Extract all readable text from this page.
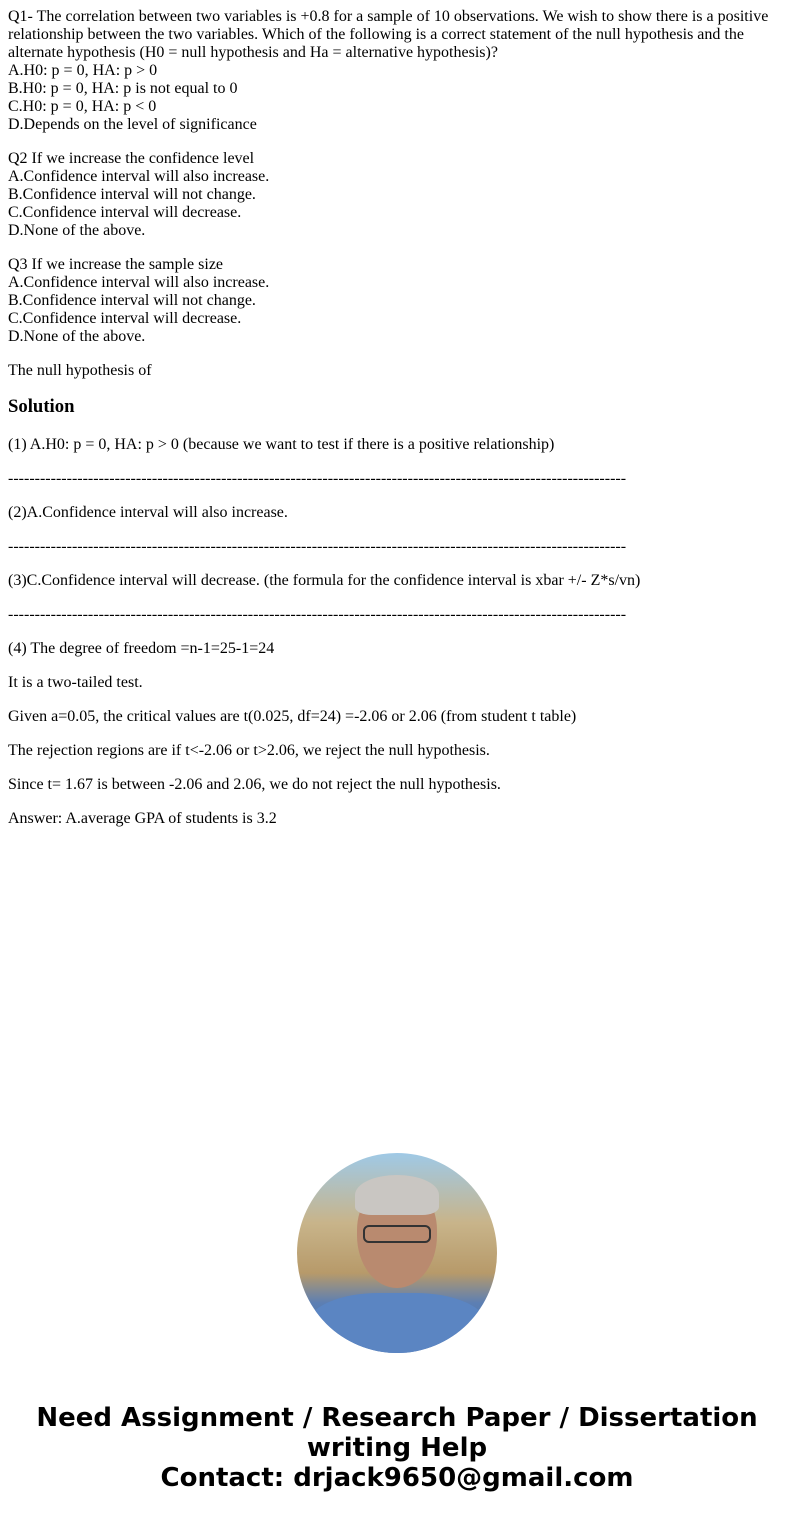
Q1- The correlation between two variables is +0.8 for a sample of 10 observations. We wish to show there is a positive relationship between the two variables. Which of the following is a correct statement of the null hypothesis and the alternate hypothesis (H0 = null hypothesis and Ha = alternative hypothesis)?
A.H0: p = 0, HA: p > 0
B.H0: p = 0, HA: p is not equal to 0
C.H0: p = 0, HA: p < 0
D.Depends on the level of significance
Q2 If we increase the confidence level
A.Confidence interval will also increase.
B.Confidence interval will not change.
C.Confidence interval will decrease.
D.None of the above.
Q3 If we increase the sample size
A.Confidence interval will also increase.
B.Confidence interval will not change.
C.Confidence interval will decrease.
D.None of the above.

The null hypothesis of

Solution

(1) A.H0: p = 0, HA: p > 0 (because we want to test if there is a positive relationship)

--------------------------------------------------------------------------------------------------------------------

(2)A.Confidence interval will also increase.

--------------------------------------------------------------------------------------------------------------------

(3)C.Confidence interval will decrease. (the formula for the confidence interval is xbar +/- Z*s/vn)

--------------------------------------------------------------------------------------------------------------------

(4) The degree of freedom =n-1=25-1=24

It is a two-tailed test.

Given a=0.05, the critical values are t(0.025, df=24) =-2.06 or 2.06 (from student t table)

The rejection regions are if t<-2.06 or t>2.06, we reject the null hypothesis.

Since t= 1.67 is between -2.06 and 2.06, we do not reject the null hypothesis.

Answer: A.average GPA of students is 3.2

Need Assignment / Research Paper / Dissertation
writing Help
Contact: drjack9650@gmail.com
